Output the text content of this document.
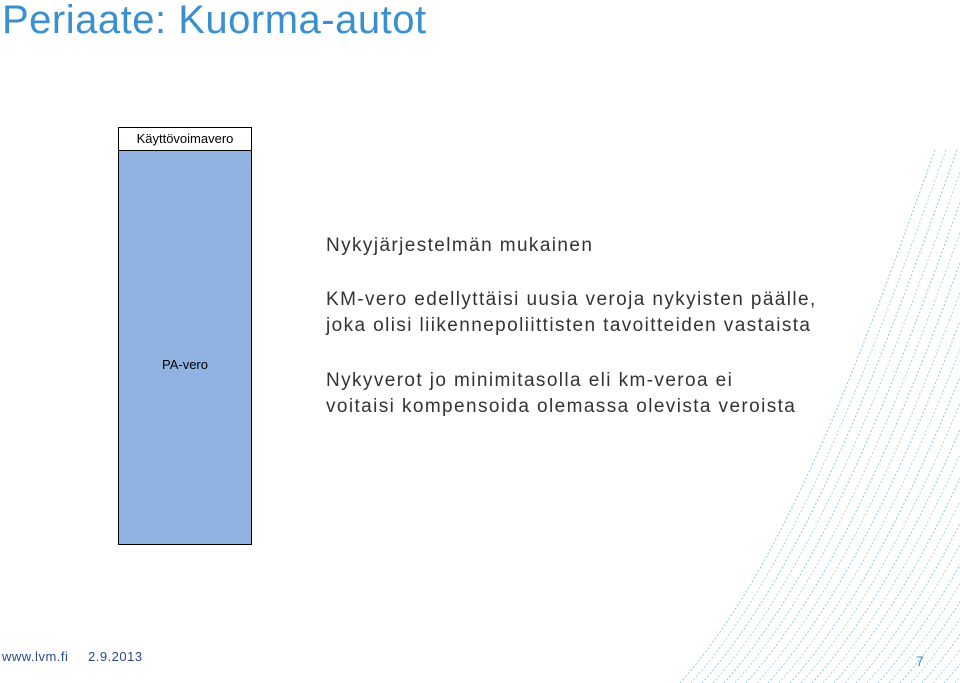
Periaate: Kuorma-autot
Käyttövoimavero
PA-vero
Nykyjärjestelmän mukainen
KM-vero edellyttäisi uusia veroja nykyisten päälle,
joka olisi liikennepoliittisten tavoitteiden vastaista
Nykyverot jo minimitasolla eli km-veroa ei
voitaisi kompensoida olemassa olevista veroista
www.lvm.fi 2.9.2013	7
